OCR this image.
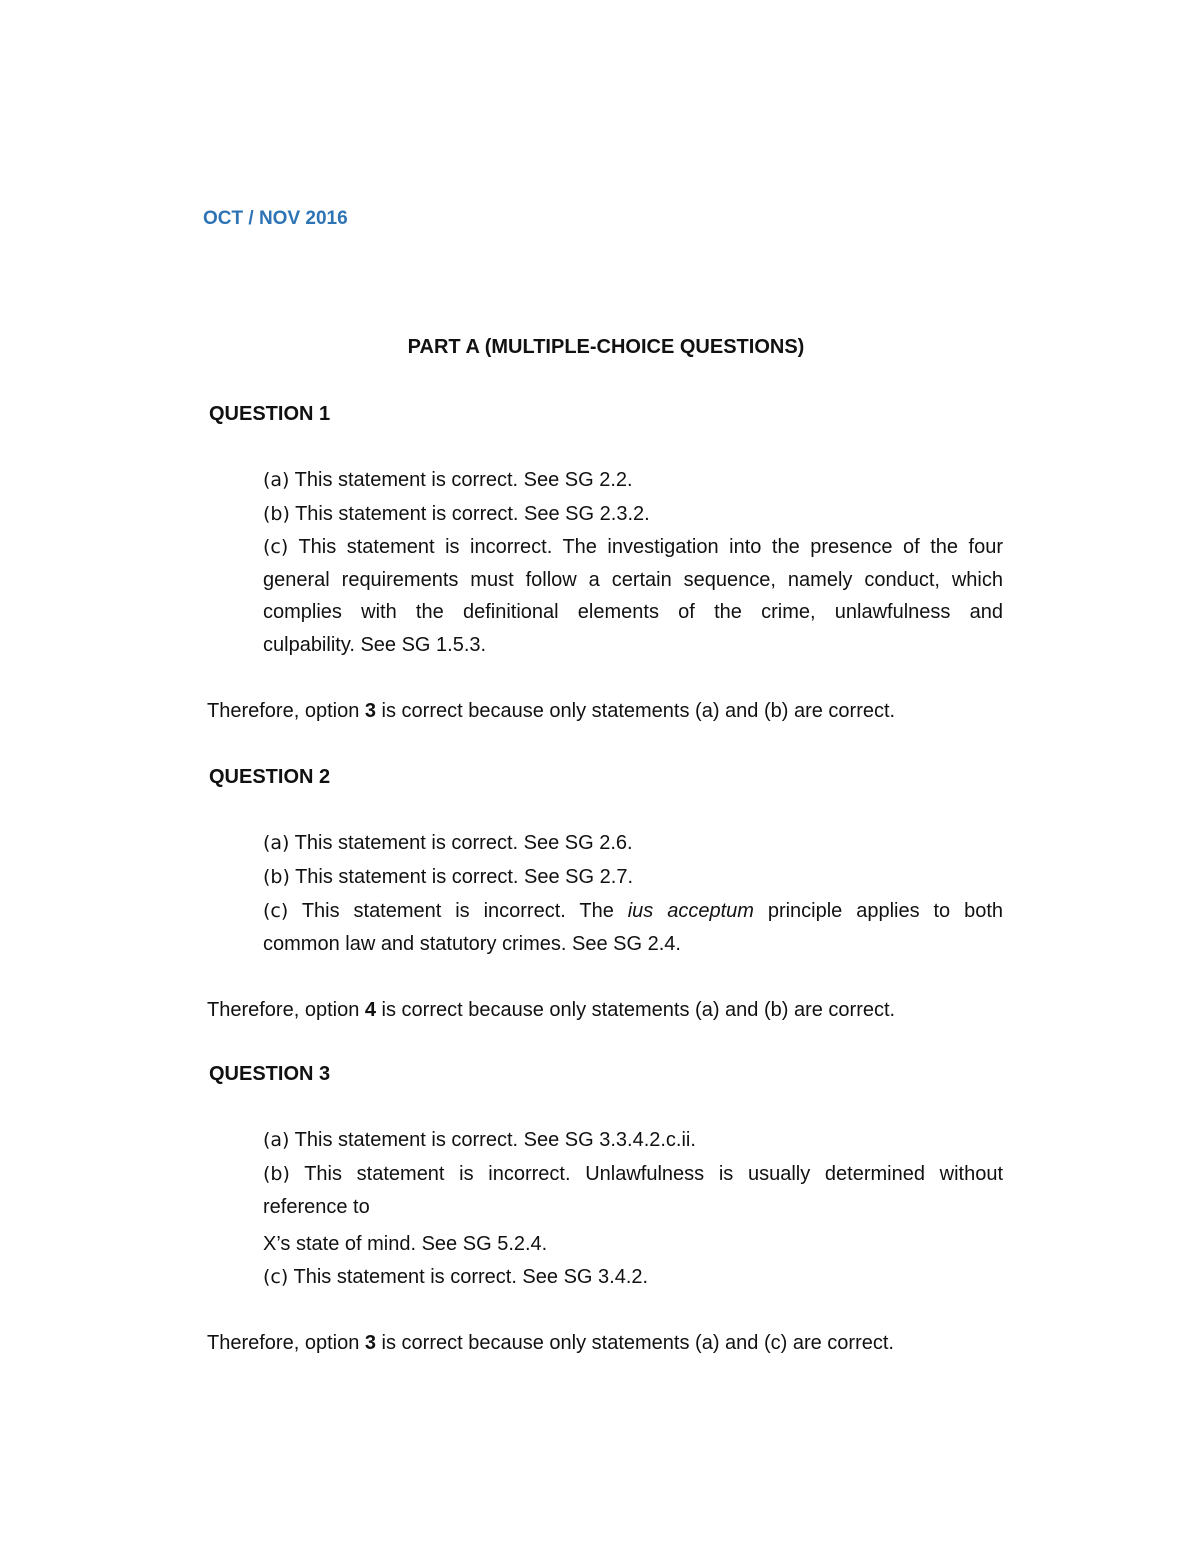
OCT / NOV 2016
PART A (MULTIPLE-CHOICE QUESTIONS)
QUESTION 1
(a) This statement is correct. See SG 2.2.
(b) This statement is correct. See SG 2.3.2.
(c) This statement is incorrect. The investigation into the presence of the four
general requirements must follow a certain sequence, namely conduct, which
complies with the definitional elements of the crime, unlawfulness and
culpability. See SG 1.5.3.
Therefore, option 3 is correct because only statements (a) and (b) are correct.
QUESTION 2
(a) This statement is correct. See SG 2.6.
(b) This statement is correct. See SG 2.7.
(c) This statement is incorrect. The ius acceptum principle applies to both
common law and statutory crimes. See SG 2.4.
Therefore, option 4 is correct because only statements (a) and (b) are correct.
QUESTION 3
(a) This statement is correct. See SG 3.3.4.2.c.ii.
(b) This statement is incorrect. Unlawfulness is usually determined without
reference to
X’s state of mind. See SG 5.2.4.
(c) This statement is correct. See SG 3.4.2.
Therefore, option 3 is correct because only statements (a) and (c) are correct.
